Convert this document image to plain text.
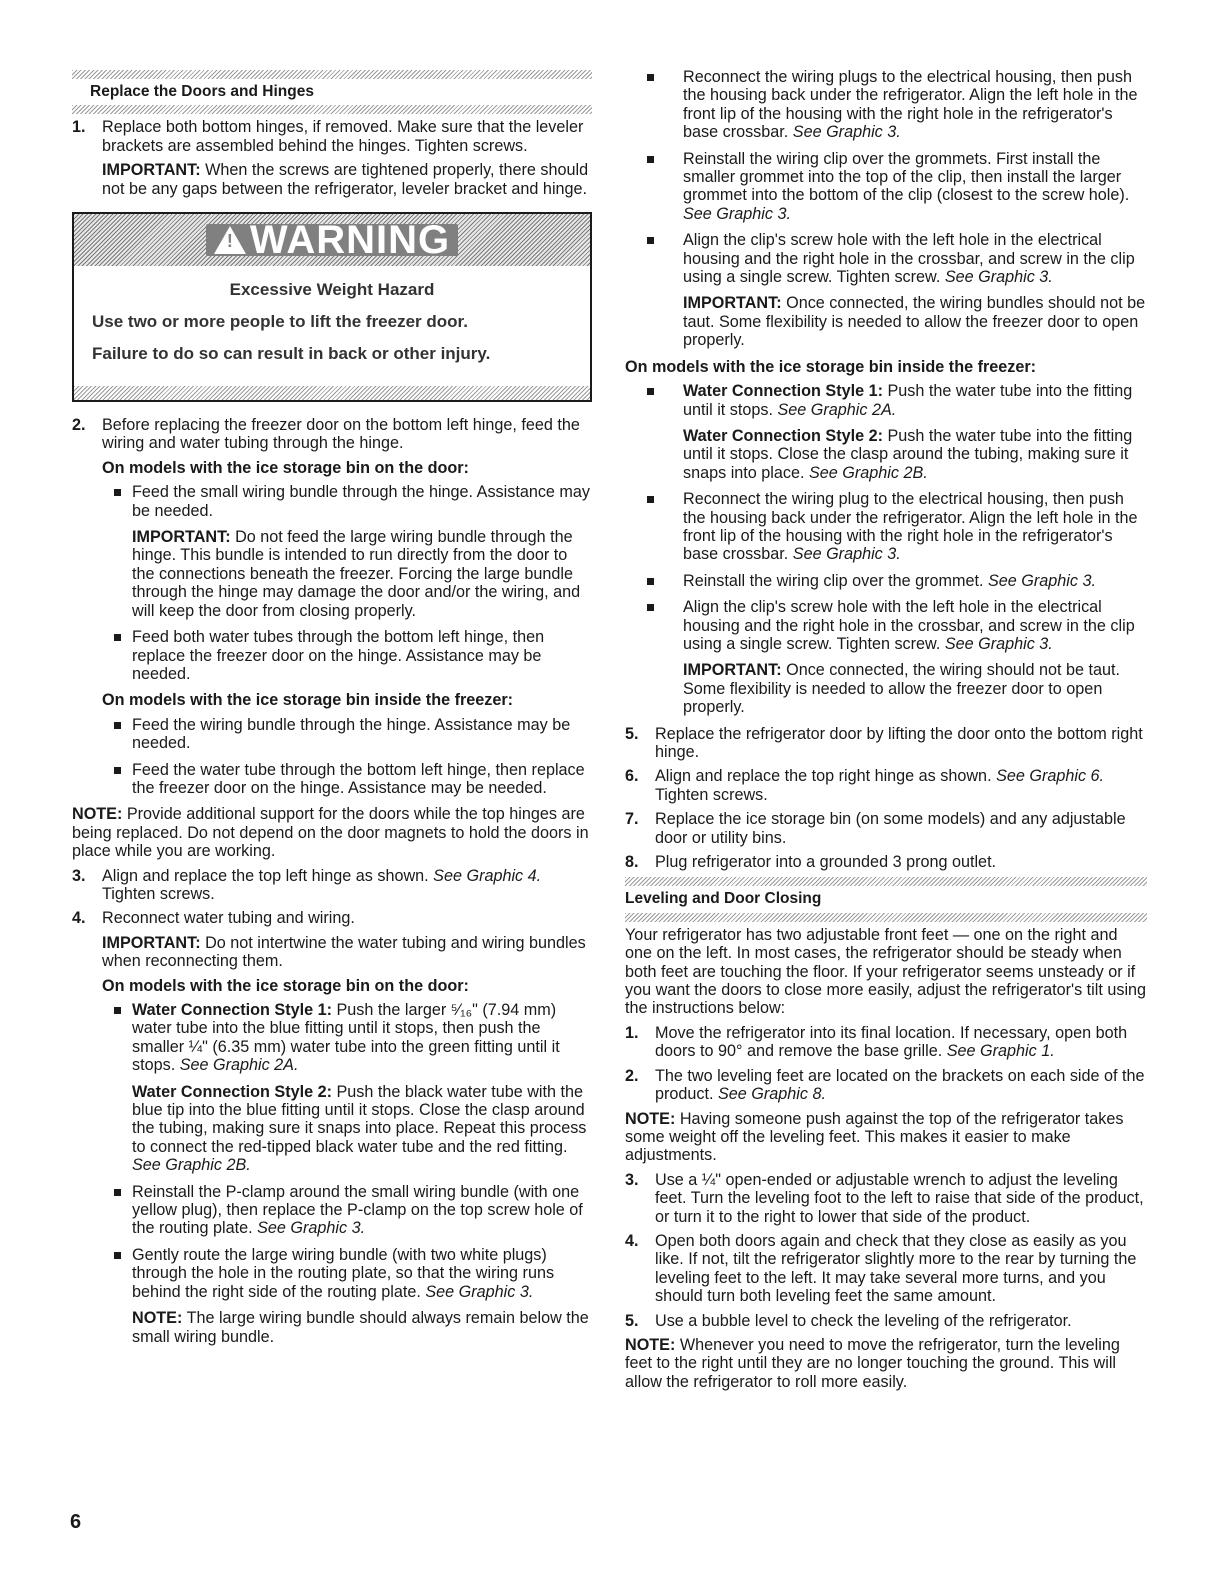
Replace the Doors and Hinges
1. Replace both bottom hinges, if removed. Make sure that the leveler brackets are assembled behind the hinges. Tighten screws.

IMPORTANT: When the screws are tightened properly, there should not be any gaps between the refrigerator, leveler bracket and hinge.

! WARNING
Excessive Weight Hazard

Use two or more people to lift the freezer door.

Failure to do so can result in back or other injury.

2. Before replacing the freezer door on the bottom left hinge, feed the wiring and water tubing through the hinge.

On models with the ice storage bin on the door:

Feed the small wiring bundle through the hinge. Assistance may be needed.

IMPORTANT: Do not feed the large wiring bundle through the hinge. This bundle is intended to run directly from the door to the connections beneath the freezer. Forcing the large bundle through the hinge may damage the door and/or the wiring, and will keep the door from closing properly.

Feed both water tubes through the bottom left hinge, then replace the freezer door on the hinge. Assistance may be needed.

On models with the ice storage bin inside the freezer:

Feed the wiring bundle through the hinge. Assistance may be needed.
Feed the water tube through the bottom left hinge, then replace the freezer door on the hinge. Assistance may be needed.

NOTE: Provide additional support for the doors while the top hinges are being replaced. Do not depend on the door magnets to hold the doors in place while you are working.

3. Align and replace the top left hinge as shown. See Graphic 4. Tighten screws.
4. Reconnect water tubing and wiring.

IMPORTANT: Do not intertwine the water tubing and wiring bundles when reconnecting them.

On models with the ice storage bin on the door:

Water Connection Style 1: Push the larger ⁵⁄₁₆" (7.94 mm) water tube into the blue fitting until it stops, then push the smaller ¼" (6.35 mm) water tube into the green fitting until it stops. See Graphic 2A.

Water Connection Style 2: Push the black water tube with the blue tip into the blue fitting until it stops. Close the clasp around the tubing, making sure it snaps into place. Repeat this process to connect the red-tipped black water tube and the red fitting. See Graphic 2B.

Reinstall the P-clamp around the small wiring bundle (with one yellow plug), then replace the P-clamp on the top screw hole of the routing plate. See Graphic 3.
Gently route the large wiring bundle (with two white plugs) through the hole in the routing plate, so that the wiring runs behind the right side of the routing plate. See Graphic 3.

NOTE: The large wiring bundle should always remain below the small wiring bundle.

Reconnect the wiring plugs to the electrical housing, then push the housing back under the refrigerator. Align the left hole in the front lip of the housing with the right hole in the refrigerator's base crossbar. See Graphic 3.
Reinstall the wiring clip over the grommets. First install the smaller grommet into the top of the clip, then install the larger grommet into the bottom of the clip (closest to the screw hole). See Graphic 3.
Align the clip's screw hole with the left hole in the electrical housing and the right hole in the crossbar, and screw in the clip using a single screw. Tighten screw. See Graphic 3.

IMPORTANT: Once connected, the wiring bundles should not be taut. Some flexibility is needed to allow the freezer door to open properly.

On models with the ice storage bin inside the freezer:

Water Connection Style 1: Push the water tube into the fitting until it stops. See Graphic 2A.

Water Connection Style 2: Push the water tube into the fitting until it stops. Close the clasp around the tubing, making sure it snaps into place. See Graphic 2B.

Reconnect the wiring plug to the electrical housing, then push the housing back under the refrigerator. Align the left hole in the front lip of the housing with the right hole in the refrigerator's base crossbar. See Graphic 3.
Reinstall the wiring clip over the grommet. See Graphic 3.
Align the clip's screw hole with the left hole in the electrical housing and the right hole in the crossbar, and screw in the clip using a single screw. Tighten screw. See Graphic 3.

IMPORTANT: Once connected, the wiring should not be taut. Some flexibility is needed to allow the freezer door to open properly.

5. Replace the refrigerator door by lifting the door onto the bottom right hinge.
6. Align and replace the top right hinge as shown. See Graphic 6. Tighten screws.
7. Replace the ice storage bin (on some models) and any adjustable door or utility bins.
8. Plug refrigerator into a grounded 3 prong outlet.
Leveling and Door Closing

Your refrigerator has two adjustable front feet — one on the right and one on the left. In most cases, the refrigerator should be steady when both feet are touching the floor. If your refrigerator seems unsteady or if you want the doors to close more easily, adjust the refrigerator's tilt using the instructions below:

1. Move the refrigerator into its final location. If necessary, open both doors to 90° and remove the base grille. See Graphic 1.
2. The two leveling feet are located on the brackets on each side of the product. See Graphic 8.

NOTE: Having someone push against the top of the refrigerator takes some weight off the leveling feet. This makes it easier to make adjustments.

3. Use a ¼" open-ended or adjustable wrench to adjust the leveling feet. Turn the leveling foot to the left to raise that side of the product, or turn it to the right to lower that side of the product.
4. Open both doors again and check that they close as easily as you like. If not, tilt the refrigerator slightly more to the rear by turning the leveling feet to the left. It may take several more turns, and you should turn both leveling feet the same amount.
5. Use a bubble level to check the leveling of the refrigerator.

NOTE: Whenever you need to move the refrigerator, turn the leveling feet to the right until they are no longer touching the ground. This will allow the refrigerator to roll more easily.

6
